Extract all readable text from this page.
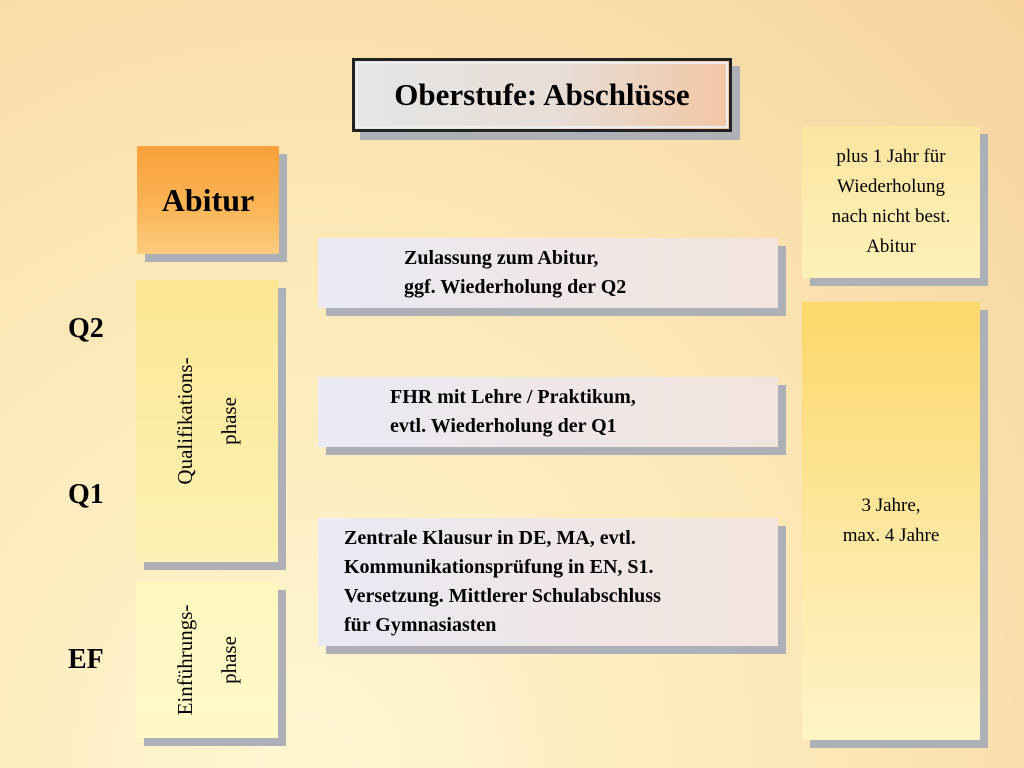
Oberstufe: Abschlüsse
Abitur
Qualifikations- phase
Einführungs- phase
Q2
Q1
EF
Zulassung zum Abitur,
ggf. Wiederholung der Q2
FHR mit Lehre / Praktikum,
evtl. Wiederholung der Q1
Zentrale Klausur in DE, MA, evtl.
Kommunikationsprüfung in EN, S1.
Versetzung. Mittlerer Schulabschluss
für Gymnasiasten
plus 1 Jahr für
Wiederholung
nach nicht best.
Abitur
3 Jahre,
max. 4 Jahre
